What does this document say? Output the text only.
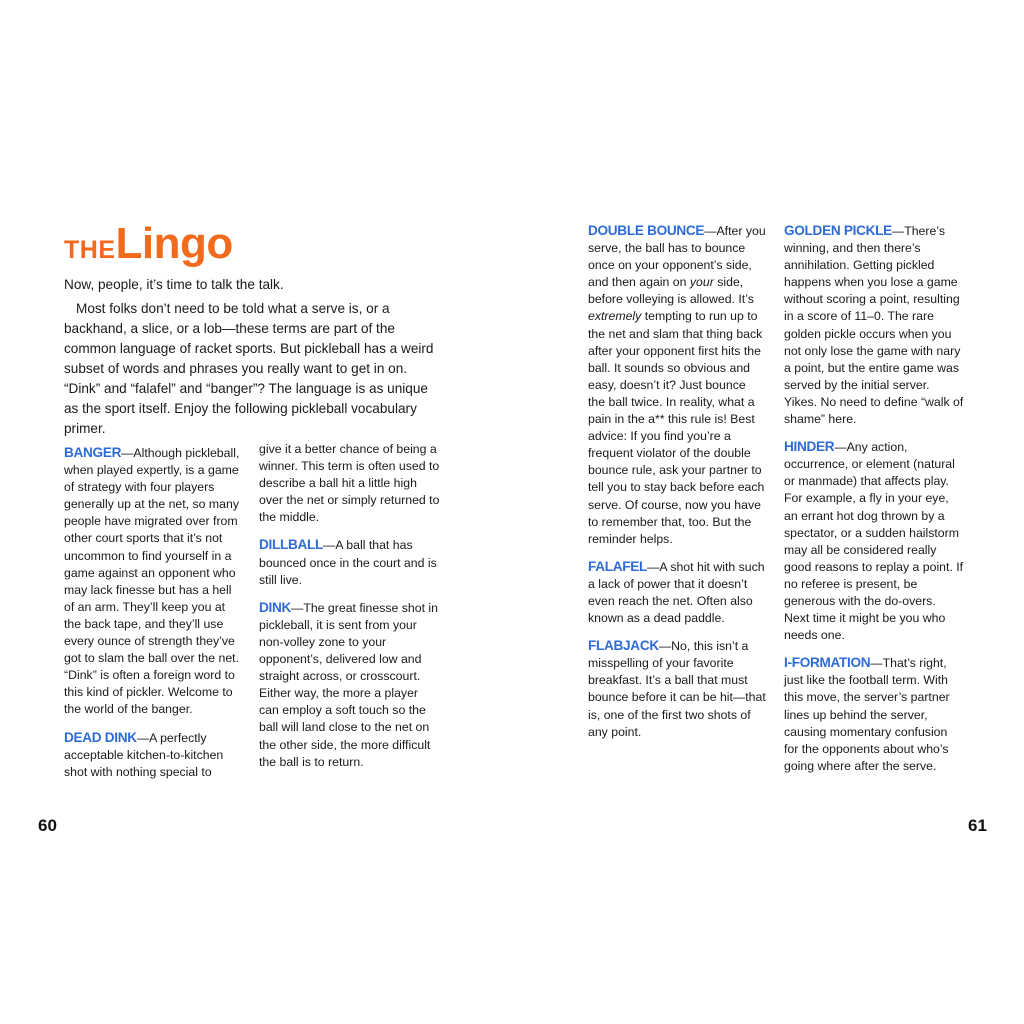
THELingo

Now, people, it’s time to talk the talk.

Most folks don’t need to be told what a serve is, or a backhand, a slice, or a lob—these terms are part of the common language of racket sports. But pickleball has a weird subset of words and phrases you really want to get in on. “Dink” and “falafel” and “banger”? The language is as unique as the sport itself. Enjoy the following pickleball vocabulary primer.

BANGER—Although pickleball, when played expertly, is a game of strategy with four players generally up at the net, so many people have migrated over from other court sports that it’s not uncommon to find yourself in a game against an opponent who may lack finesse but has a hell of an arm. They’ll keep you at the back tape, and they’ll use every ounce of strength they’ve got to slam the ball over the net. “Dink” is often a foreign word to this kind of pickler. Welcome to the world of the banger.

DEAD DINK—A perfectly acceptable kitchen-to-kitchen shot with nothing special to

give it a better chance of being a winner. This term is often used to describe a ball hit a little high over the net or simply returned to the middle.

DILLBALL—A ball that has bounced once in the court and is still live.

DINK—The great finesse shot in pickleball, it is sent from your non-volley zone to your opponent’s, delivered low and straight across, or crosscourt. Either way, the more a player can employ a soft touch so the ball will land close to the net on the other side, the more difficult the ball is to return.

DOUBLE BOUNCE—After you serve, the ball has to bounce once on your opponent’s side, and then again on your side, before volleying is allowed. It’s extremely tempting to run up to the net and slam that thing back after your opponent first hits the ball. It sounds so obvious and easy, doesn’t it? Just bounce the ball twice. In reality, what a pain in the a** this rule is! Best advice: If you find you’re a frequent violator of the double bounce rule, ask your partner to tell you to stay back before each serve. Of course, now you have to remember that, too. But the reminder helps.

FALAFEL—A shot hit with such a lack of power that it doesn’t even reach the net. Often also known as a dead paddle.

FLABJACK—No, this isn’t a misspelling of your favorite breakfast. It’s a ball that must bounce before it can be hit—that is, one of the first two shots of any point.

GOLDEN PICKLE—There’s winning, and then there’s annihilation. Getting pickled happens when you lose a game without scoring a point, resulting in a score of 11–0. The rare golden pickle occurs when you not only lose the game with nary a point, but the entire game was served by the initial server. Yikes. No need to define “walk of shame” here.

HINDER—Any action, occurrence, or element (natural or manmade) that affects play. For example, a fly in your eye, an errant hot dog thrown by a spectator, or a sudden hailstorm may all be considered really good reasons to replay a point. If no referee is present, be generous with the do-overs. Next time it might be you who needs one.

I-FORMATION—That’s right, just like the football term. With this move, the server’s partner lines up behind the server, causing momentary confusion for the opponents about who’s going where after the serve.

60	61
